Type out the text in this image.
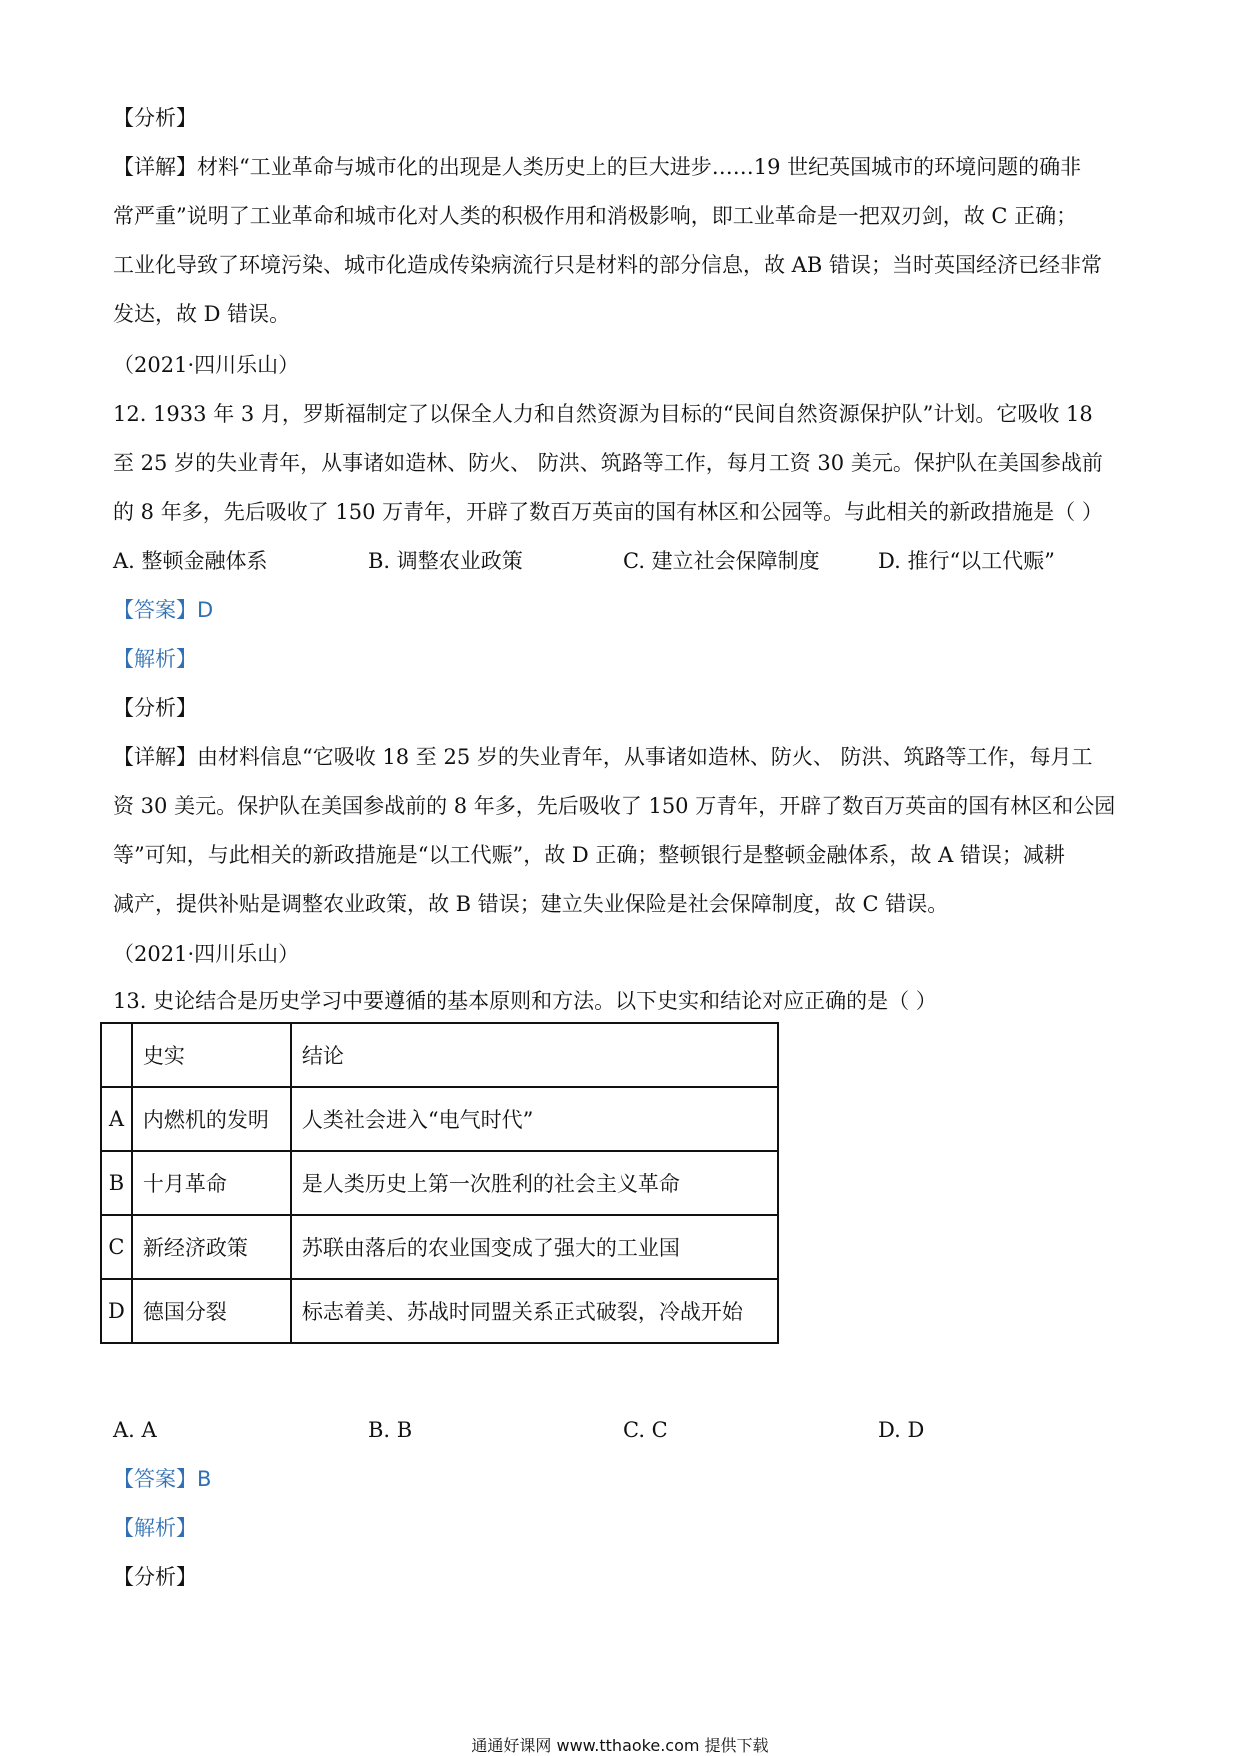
【分析】
【详解】材料“工业革命与城市化的出现是人类历史上的巨大进步……19 世纪英国城市的环境问题的确非
常严重”说明了工业革命和城市化对人类的积极作用和消极影响，即工业革命是一把双刃剑，故 C 正确；
工业化导致了环境污染、城市化造成传染病流行只是材料的部分信息，故 AB 错误；当时英国经济已经非常
发达，故 D 错误。
（2021·四川乐山）
12. 1933 年 3 月，罗斯福制定了以保全人力和自然资源为目标的“民间自然资源保护队”计划。它吸收 18
至 25 岁的失业青年，从事诸如造林、防火、 防洪、筑路等工作，每月工资 30 美元。保护队在美国参战前
的 8 年多，先后吸收了 150 万青年，开辟了数百万英亩的国有林区和公园等。与此相关的新政措施是（ ）
A. 整顿金融体系	B. 调整农业政策	C. 建立社会保障制度	D. 推行“以工代赈”
【答案】D
【解析】
【分析】
【详解】由材料信息“它吸收 18 至 25 岁的失业青年，从事诸如造林、防火、 防洪、筑路等工作，每月工
资 30 美元。保护队在美国参战前的 8 年多，先后吸收了 150 万青年，开辟了数百万英亩的国有林区和公园
等”可知，与此相关的新政措施是“以工代赈”，故 D 正确；整顿银行是整顿金融体系，故 A 错误；减耕
减产，提供补贴是调整农业政策，故 B 错误；建立失业保险是社会保障制度，故 C 错误。
（2021·四川乐山）
13. 史论结合是历史学习中要遵循的基本原则和方法。以下史实和结论对应正确的是（ ）
	史实	结论
A	内燃机的发明	人类社会进入“电气时代”
B	十月革命	是人类历史上第一次胜利的社会主义革命
C	新经济政策	苏联由落后的农业国变成了强大的工业国
D	德国分裂	标志着美、苏战时同盟关系正式破裂，冷战开始
A. A	B. B	C. C	D. D
【答案】B
【解析】
【分析】
通通好课网 www.tthaoke.com 提供下载
